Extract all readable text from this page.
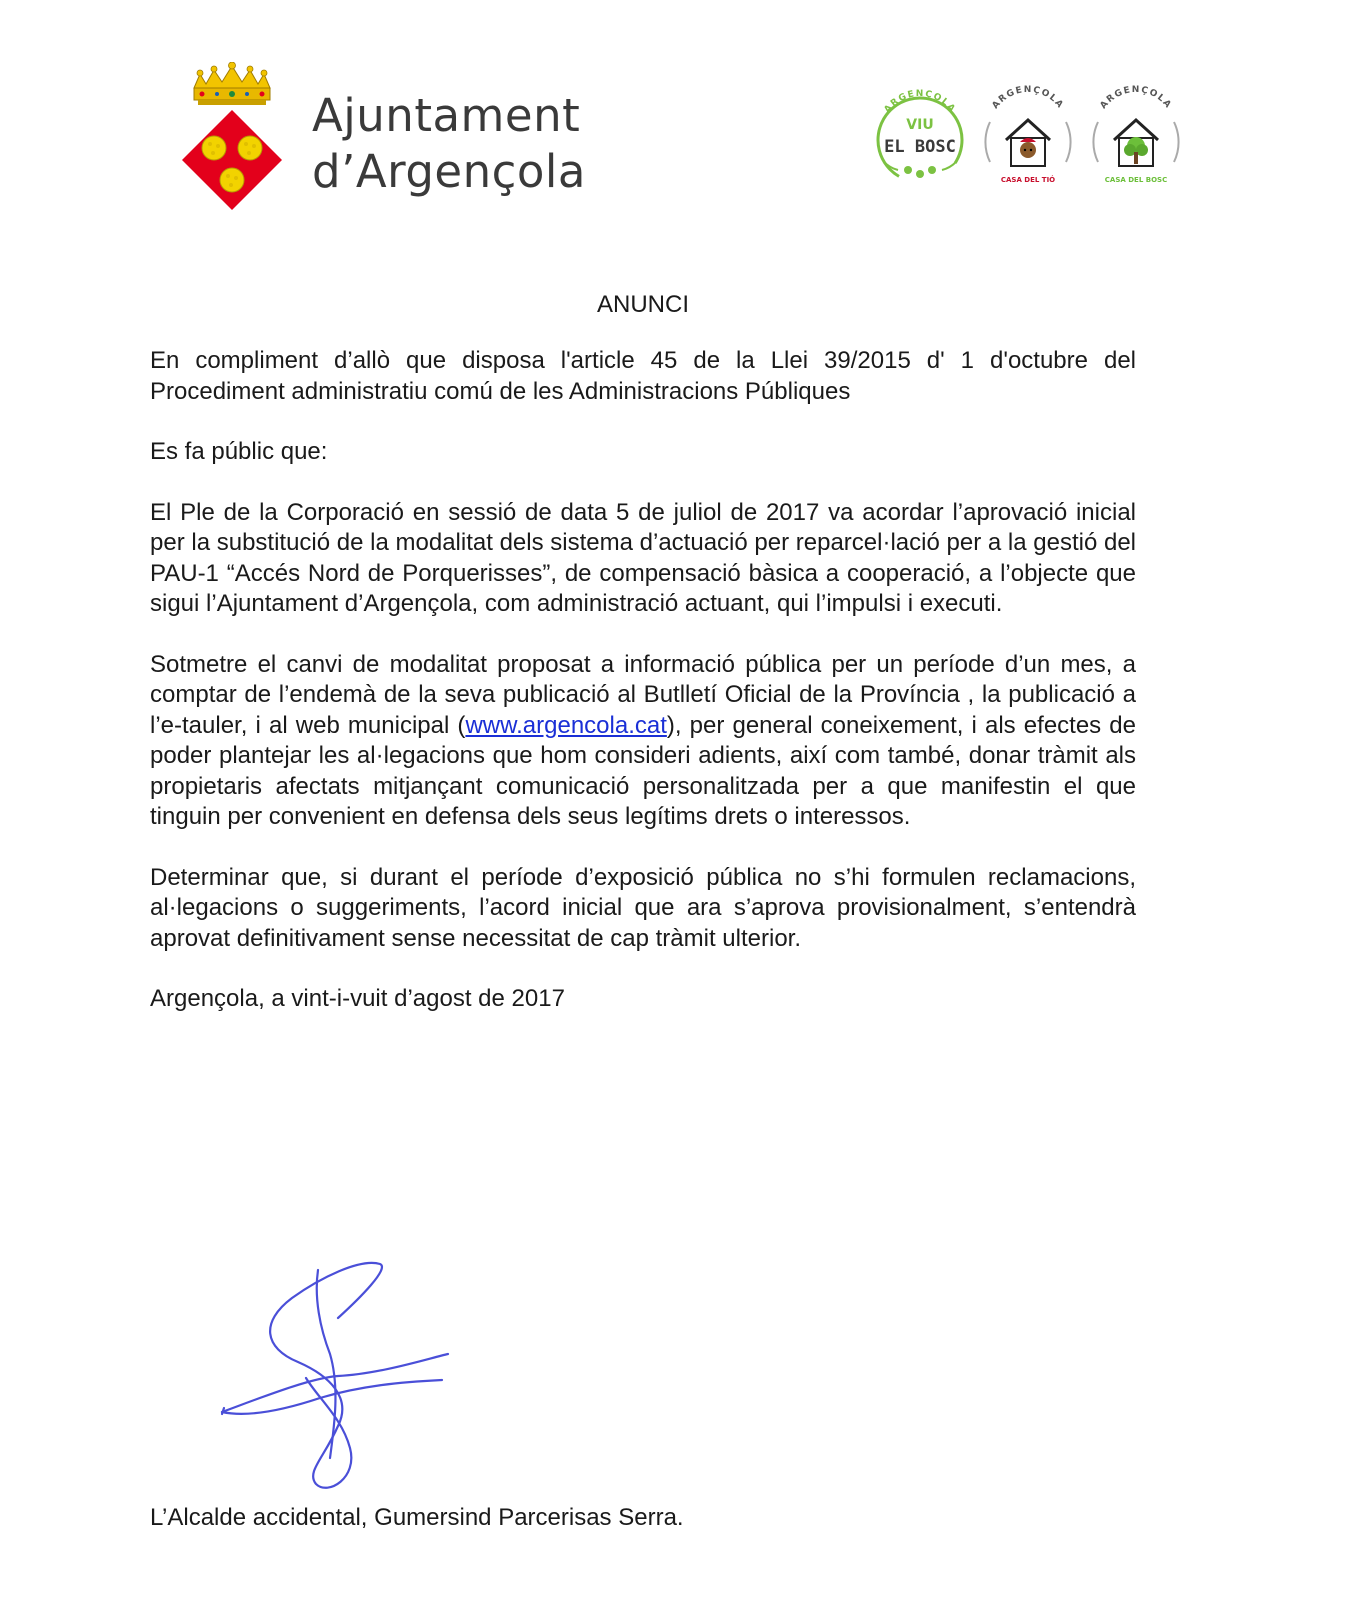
Ajuntament
d’Argençola
ARGENÇOLA
VIU
EL BOSC
ARGENÇOLA
CASA DEL TIÓ
ARGENÇOLA
CASA DEL BOSC
ANUNCI

En compliment d’allò que disposa l'article 45 de la Llei 39/2015 d' 1 d'octubre del Procediment administratiu comú de les Administracions Públiques

Es fa públic que:

El Ple de la Corporació en sessió de data 5 de juliol de 2017 va acordar l’aprovació inicial per la substitució de la modalitat dels sistema d’actuació per reparcel·lació per a la gestió del PAU-1 “Accés Nord de Porquerisses”, de compensació bàsica a cooperació, a l’objecte que sigui l’Ajuntament d’Argençola, com administració actuant, qui l’impulsi i executi.

Sotmetre el canvi de modalitat proposat a informació pública per un període d’un mes, a comptar de l’endemà de la seva publicació al Butlletí Oficial de la Província , la publicació a l’e-tauler, i al web municipal (www.argencola.cat), per general coneixement, i als efectes de poder plantejar les al·legacions que hom consideri adients, així com també, donar tràmit als propietaris afectats mitjançant comunicació personalitzada per a que manifestin el que tinguin per convenient en defensa dels seus legítims drets o interessos.

Determinar que, si durant el període d’exposició pública no s’hi formulen reclamacions, al·legacions o suggeriments, l’acord inicial que ara s’aprova provisionalment, s’entendrà aprovat definitivament sense necessitat de cap tràmit ulterior.

Argençola, a vint-i-vuit d’agost de 2017

L’Alcalde accidental, Gumersind Parcerisas Serra.
